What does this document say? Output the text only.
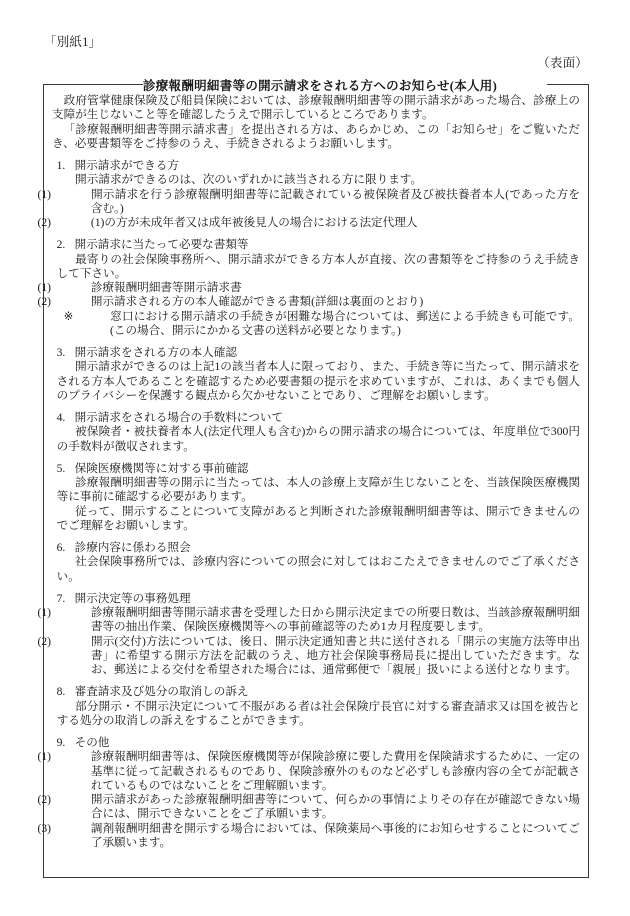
「別紙1」
（表面）
診療報酬明細書等の開示請求をされる方へのお知らせ(本人用)

政府管掌健康保険及び船員保険においては、診療報酬明細書等の開示請求があった場合、診療上の支障が生じないこと等を確認したうえで開示しているところであります。

「診療報酬明細書等開示請求書」を提出される方は、あらかじめ、この「お知らせ」をご覧いただき、必要書類等をご持参のうえ、手続きされるようお願いします。

1. 開示請求ができる方

開示請求ができるのは、次のいずれかに該当される方に限ります。

(1)	開示請求を行う診療報酬明細書等に記載されている被保険者及び被扶養者本人(であった方を含む。)

(2)	(1)の方が未成年者又は成年被後見人の場合における法定代理人

2. 開示請求に当たって必要な書類等

最寄りの社会保険事務所へ、開示請求ができる方本人が直接、次の書類等をご持参のうえ手続きして下さい。

(1)	診療報酬明細書等開示請求書

(2)	開示請求される方の本人確認ができる書類(詳細は裏面のとおり)

※	窓口における開示請求の手続きが困難な場合については、郵送による手続きも可能です。(この場合、開示にかかる文書の送料が必要となります。)

3. 開示請求をされる方の本人確認

開示請求ができるのは上記1の該当者本人に限っており、また、手続き等に当たって、開示請求をされる方本人であることを確認するため必要書類の提示を求めていますが、これは、あくまでも個人のプライバシーを保護する観点から欠かせないことであり、ご理解をお願いします。

4. 開示請求をされる場合の手数料について

被保険者・被扶養者本人(法定代理人も含む)からの開示請求の場合については、年度単位で300円の手数料が徴収されます。

5. 保険医療機関等に対する事前確認

診療報酬明細書等の開示に当たっては、本人の診療上支障が生じないことを、当該保険医療機関等に事前に確認する必要があります。

従って、開示することについて支障があると判断された診療報酬明細書等は、開示できませんのでご理解をお願いします。

6. 診療内容に係わる照会

社会保険事務所では、診療内容についての照会に対してはおこたえできませんのでご了承ください。

7. 開示決定等の事務処理

(1)	診療報酬明細書等開示請求書を受理した日から開示決定までの所要日数は、当該診療報酬明細書等の抽出作業、保険医療機関等への事前確認等のため1カ月程度要します。

(2)	開示(交付)方法については、後日、開示決定通知書と共に送付される「開示の実施方法等申出書」に希望する開示方法を記載のうえ、地方社会保険事務局長に提出していただきます。なお、郵送による交付を希望された場合には、通常郵便で「親展」扱いによる送付となります。

8. 審査請求及び処分の取消しの訴え

部分開示・不開示決定について不服がある者は社会保険庁長官に対する審査請求又は国を被告とする処分の取消しの訴えをすることができます。

9. その他

(1)	診療報酬明細書等は、保険医療機関等が保険診療に要した費用を保険請求するために、一定の基準に従って記載されるものであり、保険診療外のものなど必ずしも診療内容の全てが記載されているものではないことをご理解願います。

(2)	開示請求があった診療報酬明細書等について、何らかの事情によりその存在が確認できない場合には、開示できないことをご了承願います。

(3)	調剤報酬明細書を開示する場合においては、保険薬局へ事後的にお知らせすることについてご了承願います。
